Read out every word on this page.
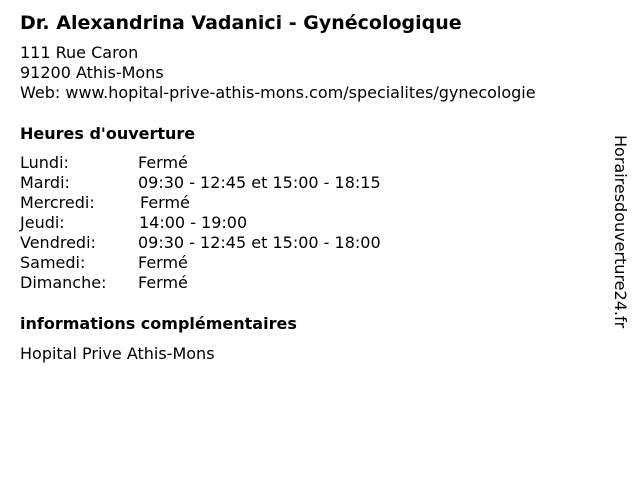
Dr. Alexandrina Vadanici - Gynécologique
111 Rue Caron
91200 Athis-Mons
Web: www.hopital-prive-athis-mons.com/specialites/gynecologie
Heures d'ouverture
Lundi:	Fermé
Mardi:	09:30 - 12:45 et 15:00 - 18:15
Mercredi:	Fermé
Jeudi:	14:00 - 19:00
Vendredi:	09:30 - 12:45 et 15:00 - 18:00
Samedi:	Fermé
Dimanche: Fermé
informations complémentaires
Hopital Prive Athis-Mons
Horairesdouverture24.fr
